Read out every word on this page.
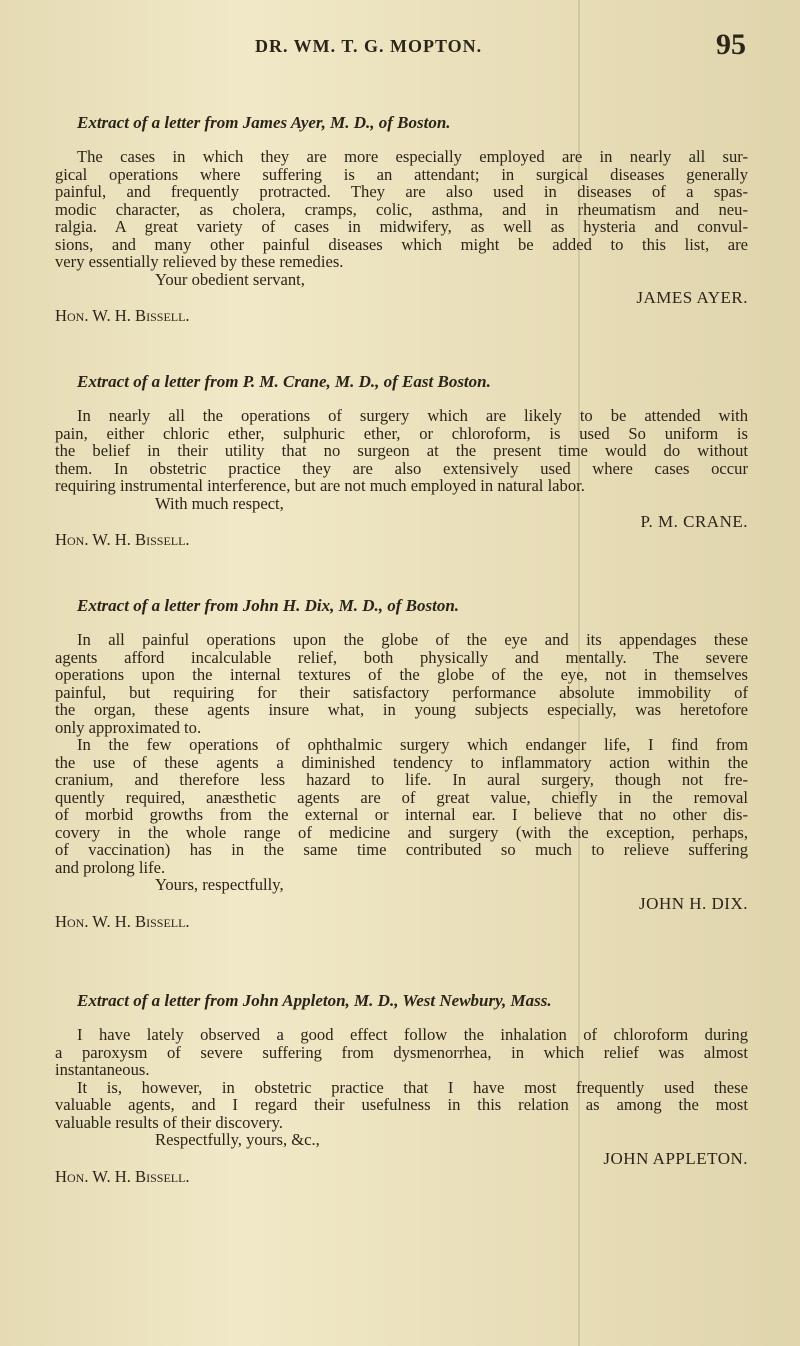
DR. WM. T. G. MOPTON.	95
Extract of a letter from James Ayer, M. D., of Boston.
The cases in which they are more especially employed are in nearly all sur-
gical operations where suffering is an attendant; in surgical diseases generally
painful, and frequently protracted. They are also used in diseases of a spas-
modic character, as cholera, cramps, colic, asthma, and in rheumatism and neu-
ralgia. A great variety of cases in midwifery, as well as hysteria and convul-
sions, and many other painful diseases which might be added to this list, are
very essentially relieved by these remedies.
Your obedient servant,
JAMES AYER.
Hon. W. H. Bissell.
Extract of a letter from P. M. Crane, M. D., of East Boston.
In nearly all the operations of surgery which are likely to be attended with
pain, either chloric ether, sulphuric ether, or chloroform, is used So uniform is
the belief in their utility that no surgeon at the present time would do without
them. In obstetric practice they are also extensively used where cases occur
requiring instrumental interference, but are not much employed in natural labor.
With much respect,
P. M. CRANE.
Hon. W. H. Bissell.
Extract of a letter from John H. Dix, M. D., of Boston.
In all painful operations upon the globe of the eye and its appendages these
agents afford incalculable relief, both physically and mentally. The severe
operations upon the internal textures of the globe of the eye, not in themselves
painful, but requiring for their satisfactory performance absolute immobility of
the organ, these agents insure what, in young subjects especially, was heretofore
only approximated to.
In the few operations of ophthalmic surgery which endanger life, I find from
the use of these agents a diminished tendency to inflammatory action within the
cranium, and therefore less hazard to life. In aural surgery, though not fre-
quently required, anæsthetic agents are of great value, chiefly in the removal
of morbid growths from the external or internal ear. I believe that no other dis-
covery in the whole range of medicine and surgery (with the exception, perhaps,
of vaccination) has in the same time contributed so much to relieve suffering
and prolong life.
Yours, respectfully,
JOHN H. DIX.
Hon. W. H. Bissell.
Extract of a letter from John Appleton, M. D., West Newbury, Mass.
I have lately observed a good effect follow the inhalation of chloroform during
a paroxysm of severe suffering from dysmenorrhea, in which relief was almost
instantaneous.
It is, however, in obstetric practice that I have most frequently used these
valuable agents, and I regard their usefulness in this relation as among the most
valuable results of their discovery.
Respectfully, yours, &c.,
JOHN APPLETON.
Hon. W. H. Bissell.
